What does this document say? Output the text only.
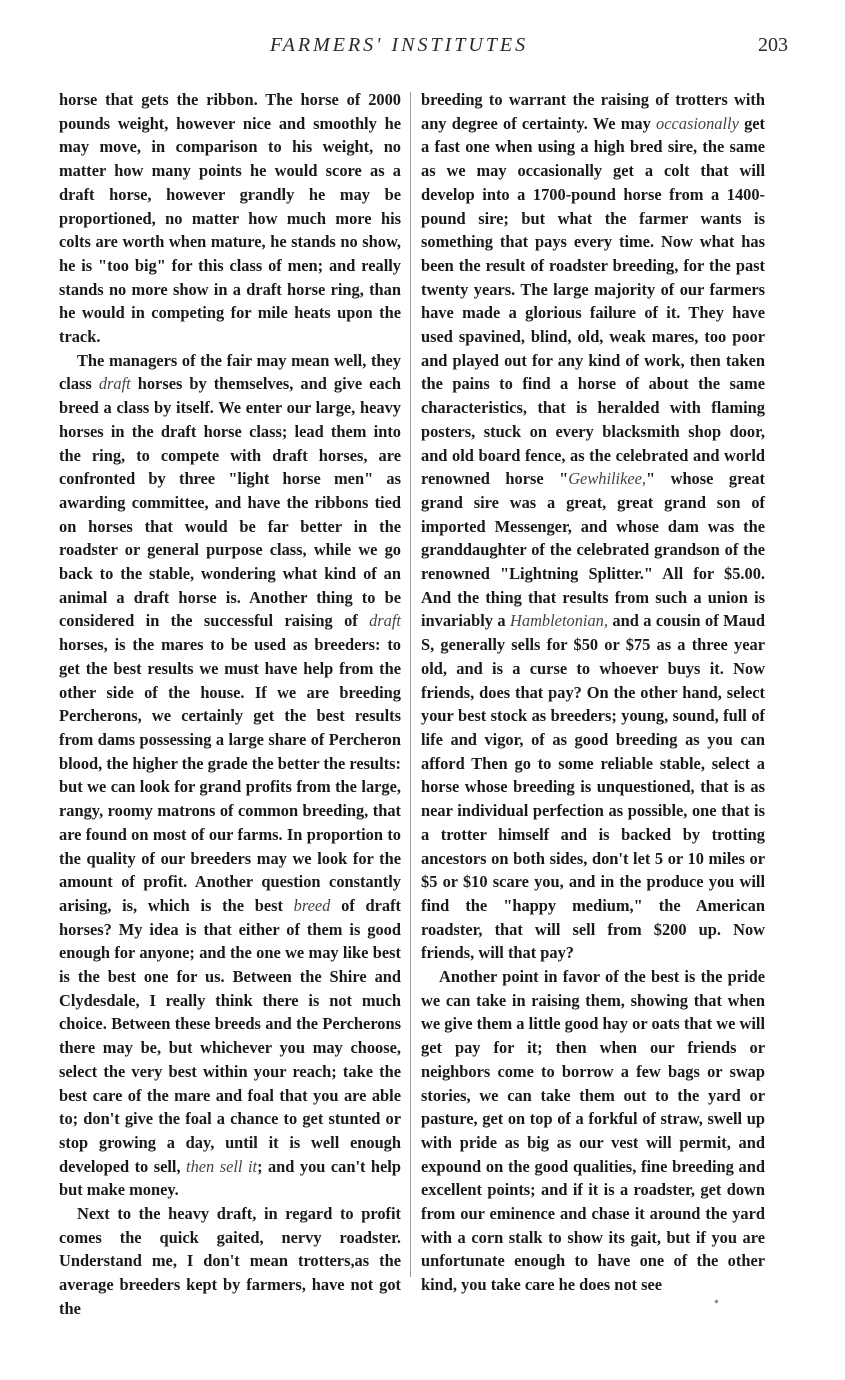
FARMERS' INSTITUTES	203

horse that gets the ribbon. The horse of 2000 pounds weight, however nice and smoothly he may move, in comparison to his weight, no matter how many points he would score as a draft horse, however grandly he may be proportioned, no matter how much more his colts are worth when mature, he stands no show, he is "too big" for this class of men; and really stands no more show in a draft horse ring, than he would in competing for mile heats upon the track.

The managers of the fair may mean well, they class draft horses by themselves, and give each breed a class by itself. We enter our large, heavy horses in the draft horse class; lead them into the ring, to compete with draft horses, are confronted by three "light horse men" as awarding committee, and have the ribbons tied on horses that would be far better in the roadster or general purpose class, while we go back to the stable, wondering what kind of an animal a draft horse is. Another thing to be considered in the successful raising of draft horses, is the mares to be used as breeders: to get the best results we must have help from the other side of the house. If we are breeding Percherons, we certainly get the best results from dams possessing a large share of Percheron blood, the higher the grade the better the results: but we can look for grand profits from the large, rangy, roomy matrons of common breeding, that are found on most of our farms. In proportion to the quality of our breeders may we look for the amount of profit. Another question constantly arising, is, which is the best breed of draft horses? My idea is that either of them is good enough for anyone; and the one we may like best is the best one for us. Between the Shire and Clydesdale, I really think there is not much choice. Between these breeds and the Percherons there may be, but whichever you may choose, select the very best within your reach; take the best care of the mare and foal that you are able to; don't give the foal a chance to get stunted or stop growing a day, until it is well enough developed to sell, then sell it; and you can't help but make money.

Next to the heavy draft, in regard to profit comes the quick gaited, nervy roadster. Understand me, I don't mean trotters,as the average breeders kept by farmers, have not got the

breeding to warrant the raising of trotters with any degree of certainty. We may occasionally get a fast one when using a high bred sire, the same as we may occasionally get a colt that will develop into a 1700-pound horse from a 1400-pound sire; but what the farmer wants is something that pays every time. Now what has been the result of roadster breeding, for the past twenty years. The large majority of our farmers have made a glorious failure of it. They have used spavined, blind, old, weak mares, too poor and played out for any kind of work, then taken the pains to find a horse of about the same characteristics, that is heralded with flaming posters, stuck on every blacksmith shop door, and old board fence, as the celebrated and world renowned horse "Gewhilikee," whose great grand sire was a great, great grand son of imported Messenger, and whose dam was the granddaughter of the celebrated grandson of the renowned "Lightning Splitter." All for $5.00. And the thing that results from such a union is invariably a Hambletonian, and a cousin of Maud S, generally sells for $50 or $75 as a three year old, and is a curse to whoever buys it. Now friends, does that pay? On the other hand, select your best stock as breeders; young, sound, full of life and vigor, of as good breeding as you can afford Then go to some reliable stable, select a horse whose breeding is unquestioned, that is as near individual perfection as possible, one that is a trotter himself and is backed by trotting ancestors on both sides, don't let 5 or 10 miles or $5 or $10 scare you, and in the produce you will find the "happy medium," the American roadster, that will sell from $200 up. Now friends, will that pay?

Another point in favor of the best is the pride we can take in raising them, showing that when we give them a little good hay or oats that we will get pay for it; then when our friends or neighbors come to borrow a few bags or swap stories, we can take them out to the yard or pasture, get on top of a forkful of straw, swell up with pride as big as our vest will permit, and expound on the good qualities, fine breeding and excellent points; and if it is a roadster, get down from our eminence and chase it around the yard with a corn stalk to show its gait, but if you are unfortunate enough to have one of the other kind, you take care he does not see
